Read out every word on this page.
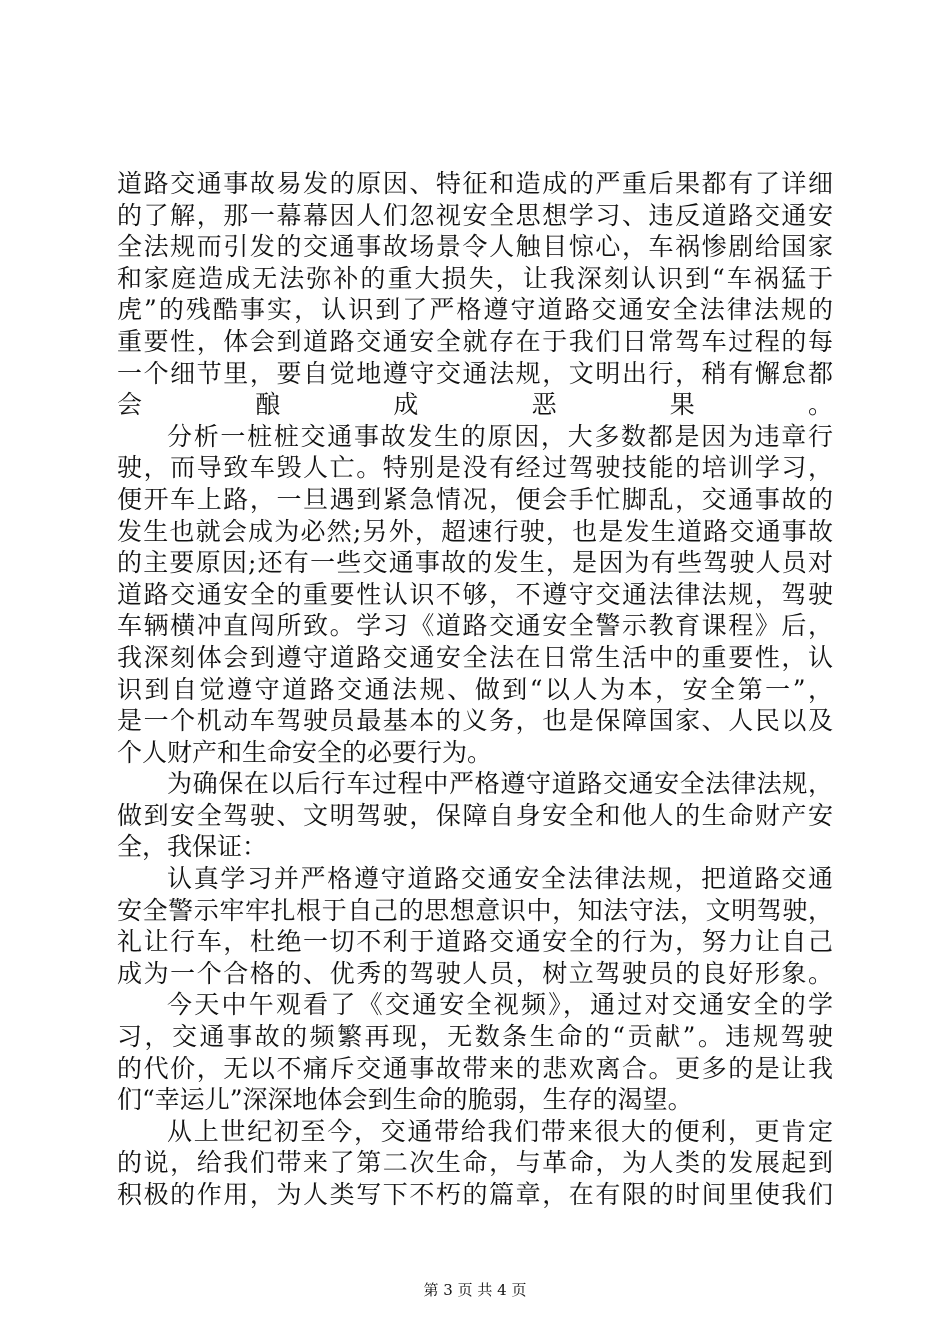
道路交通事故易发的原因、特征和造成的严重后果都有了详细
的了解，那一幕幕因人们忽视安全思想学习、违反道路交通安
全法规而引发的交通事故场景令人触目惊心，车祸惨剧给国家
和家庭造成无法弥补的重大损失，让我深刻认识到“车祸猛于
虎”的残酷事实，认识到了严格遵守道路交通安全法律法规的
重要性，体会到道路交通安全就存在于我们日常驾车过程的每
一个细节里，要自觉地遵守交通法规，文明出行，稍有懈怠都
会酿成恶果。
分析一桩桩交通事故发生的原因，大多数都是因为违章行
驶，而导致车毁人亡。特别是没有经过驾驶技能的培训学习，
便开车上路，一旦遇到紧急情况，便会手忙脚乱，交通事故的
发生也就会成为必然;另外，超速行驶，也是发生道路交通事故
的主要原因;还有一些交通事故的发生，是因为有些驾驶人员对
道路交通安全的重要性认识不够，不遵守交通法律法规，驾驶
车辆横冲直闯所致。学习《道路交通安全警示教育课程》后，
我深刻体会到遵守道路交通安全法在日常生活中的重要性，认
识到自觉遵守道路交通法规、做到“以人为本，安全第一”，
是一个机动车驾驶员最基本的义务，也是保障国家、人民以及
个人财产和生命安全的必要行为。
为确保在以后行车过程中严格遵守道路交通安全法律法规，
做到安全驾驶、文明驾驶，保障自身安全和他人的生命财产安
全，我保证：
认真学习并严格遵守道路交通安全法律法规，把道路交通
安全警示牢牢扎根于自己的思想意识中，知法守法，文明驾驶，
礼让行车，杜绝一切不利于道路交通安全的行为，努力让自己
成为一个合格的、优秀的驾驶人员，树立驾驶员的良好形象。
今天中午观看了《交通安全视频》，通过对交通安全的学
习，交通事故的频繁再现，无数条生命的“贡献”。违规驾驶
的代价，无以不痛斥交通事故带来的悲欢离合。更多的是让我
们“幸运儿”深深地体会到生命的脆弱，生存的渴望。
从上世纪初至今，交通带给我们带来很大的便利，更肯定
的说，给我们带来了第二次生命，与革命，为人类的发展起到
积极的作用，为人类写下不朽的篇章，在有限的时间里使我们
第 3 页 共 4 页
